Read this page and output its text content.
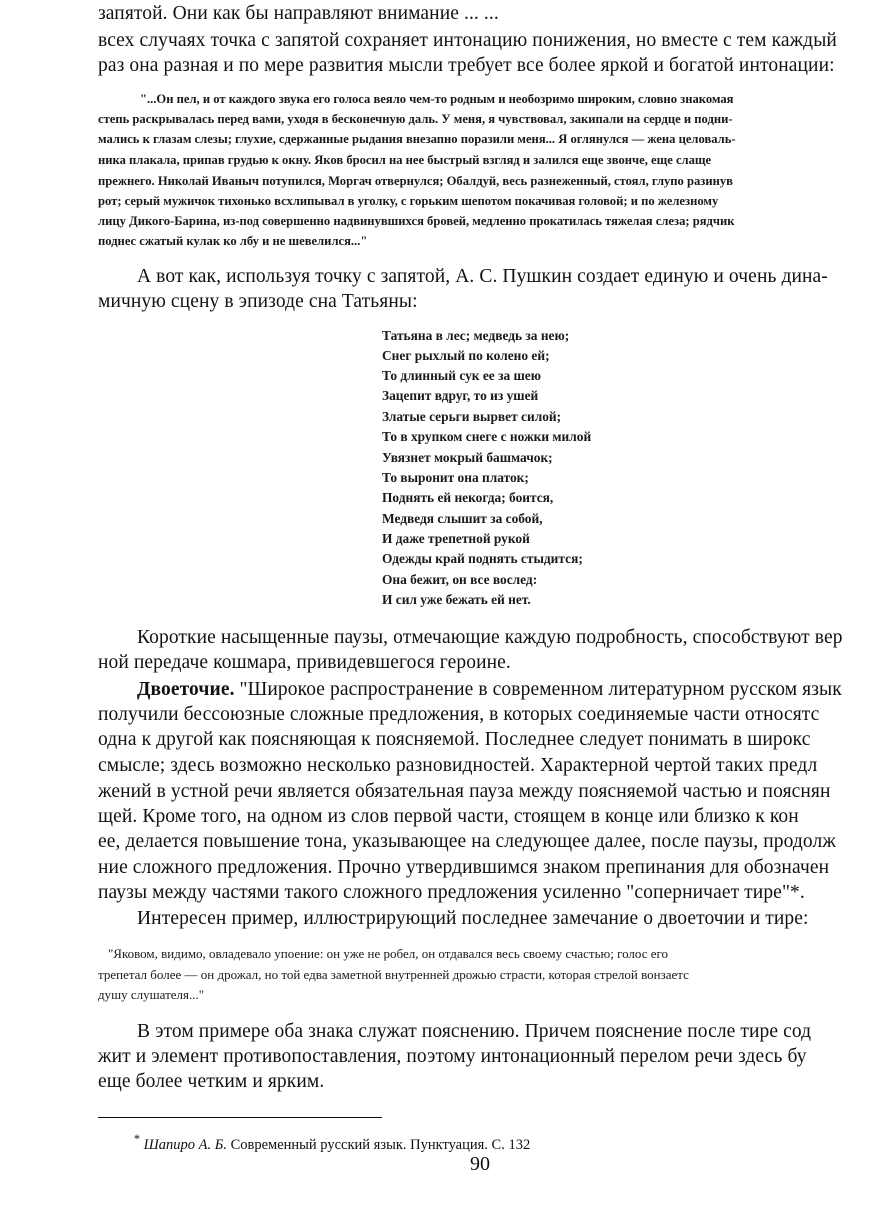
запятой. Они как бы направляют внимание ... ...
всех случаях точка с запятой сохраняет интонацию понижения, но вместе с тем каждый
раз она разная и по мере развития мысли требует все более яркой и богатой интонации:
"...Он пел, и от каждого звука его голоса веяло чем-то родным и необозримо широким, словно знакомая
степь раскрывалась перед вами, уходя в бесконечную даль. У меня, я чувствовал, закипали на сердце и подни-
мались к глазам слезы; глухие, сдержанные рыдания внезапно поразили меня... Я оглянулся — жена целоваль-
ника плакала, припав грудью к окну. Яков бросил на нее быстрый взгляд и залился еще звонче, еще слаще
прежнего. Николай Иваныч потупился, Моргач отвернулся; Обалдуй, весь разнеженный, стоял, глупо разинув
рот; серый мужичок тихонько всхлипывал в уголку, с горьким шепотом покачивая головой; и по железному
лицу Дикого-Барина, из-под совершенно надвинувшихся бровей, медленно прокатилась тяжелая слеза; рядчик
поднес сжатый кулак ко лбу и не шевелился..."
А вот как, используя точку с запятой, А. С. Пушкин создает единую и очень дина-
мичную сцену в эпизоде сна Татьяны:
Татьяна в лес; медведь за нею;
Снег рыхлый по колено ей;
То длинный сук ее за шею
Зацепит вдруг, то из ушей
Златые серьги вырвет силой;
То в хрупком снеге с ножки милой
Увязнет мокрый башмачок;
То выронит она платок;
Поднять ей некогда; боится,
Медведя слышит за собой,
И даже трепетной рукой
Одежды край поднять стыдится;
Она бежит, он все вослед:
И сил уже бежать ей нет.
Короткие насыщенные паузы, отмечающие каждую подробность, способствуют вер
ной передаче кошмара, привидевшегося героине.
Двоеточие. "Широкое распространение в современном литературном русском язык
получили бессоюзные сложные предложения, в которых соединяемые части относятс
одна к другой как поясняющая к поясняемой. Последнее следует понимать в широкс
смысле; здесь возможно несколько разновидностей. Характерной чертой таких предл
жений в устной речи является обязательная пауза между поясняемой частью и пояснян
щей. Кроме того, на одном из слов первой части, стоящем в конце или близко к кон
ее, делается повышение тона, указывающее на следующее далее, после паузы, продолж
ние сложного предложения. Прочно утвердившимся знаком препинания для обозначен
паузы между частями такого сложного предложения усиленно "соперничает тире"*.
Интересен пример, иллюстрирующий последнее замечание о двоеточии и тире:
"Яковом, видимо, овладевало упоение: он уже не робел, он отдавался весь своему счастью; голос его
трепетал более — он дрожал, но той едва заметной внутренней дрожью страсти, которая стрелой вонзаетс
душу слушателя..."
В этом примере оба знака служат пояснению. Причем пояснение после тире сод
жит и элемент противопоставления, поэтому интонационный перелом речи здесь бу
еще более четким и ярким.
* Шапиро А. Б. Современный русский язык. Пунктуация. С. 132
90
